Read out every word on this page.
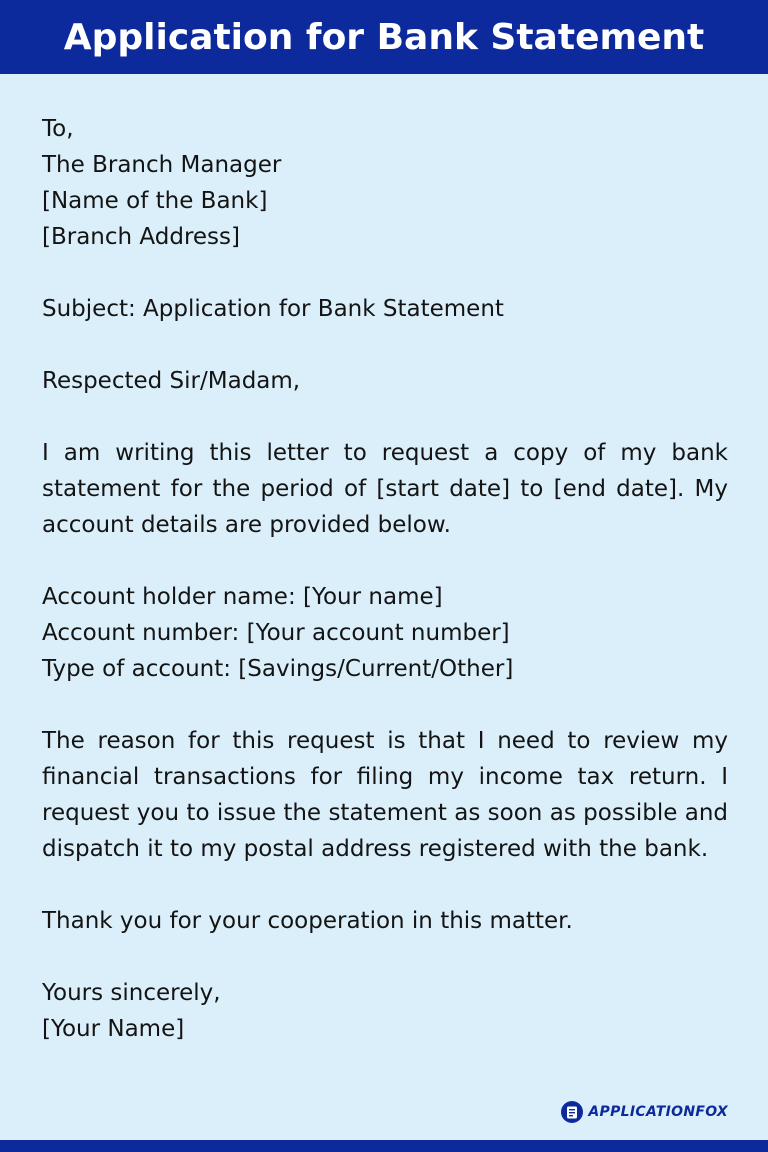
Application for Bank Statement
To,
The Branch Manager
[Name of the Bank]
[Branch Address]
Subject: Application for Bank Statement
Respected Sir/Madam,

I am writing this letter to request a copy of my bank statement for the period of [start date] to [end date]. My account details are provided below.

Account holder name: [Your name]
Account number: [Your account number]
Type of account: [Savings/Current/Other]

The reason for this request is that I need to review my financial transactions for filing my income tax return. I request you to issue the statement as soon as possible and dispatch it to my postal address registered with the bank.

Thank you for your cooperation in this matter.
Yours sincerely,
[Your Name]
APPLICATIONFOX
